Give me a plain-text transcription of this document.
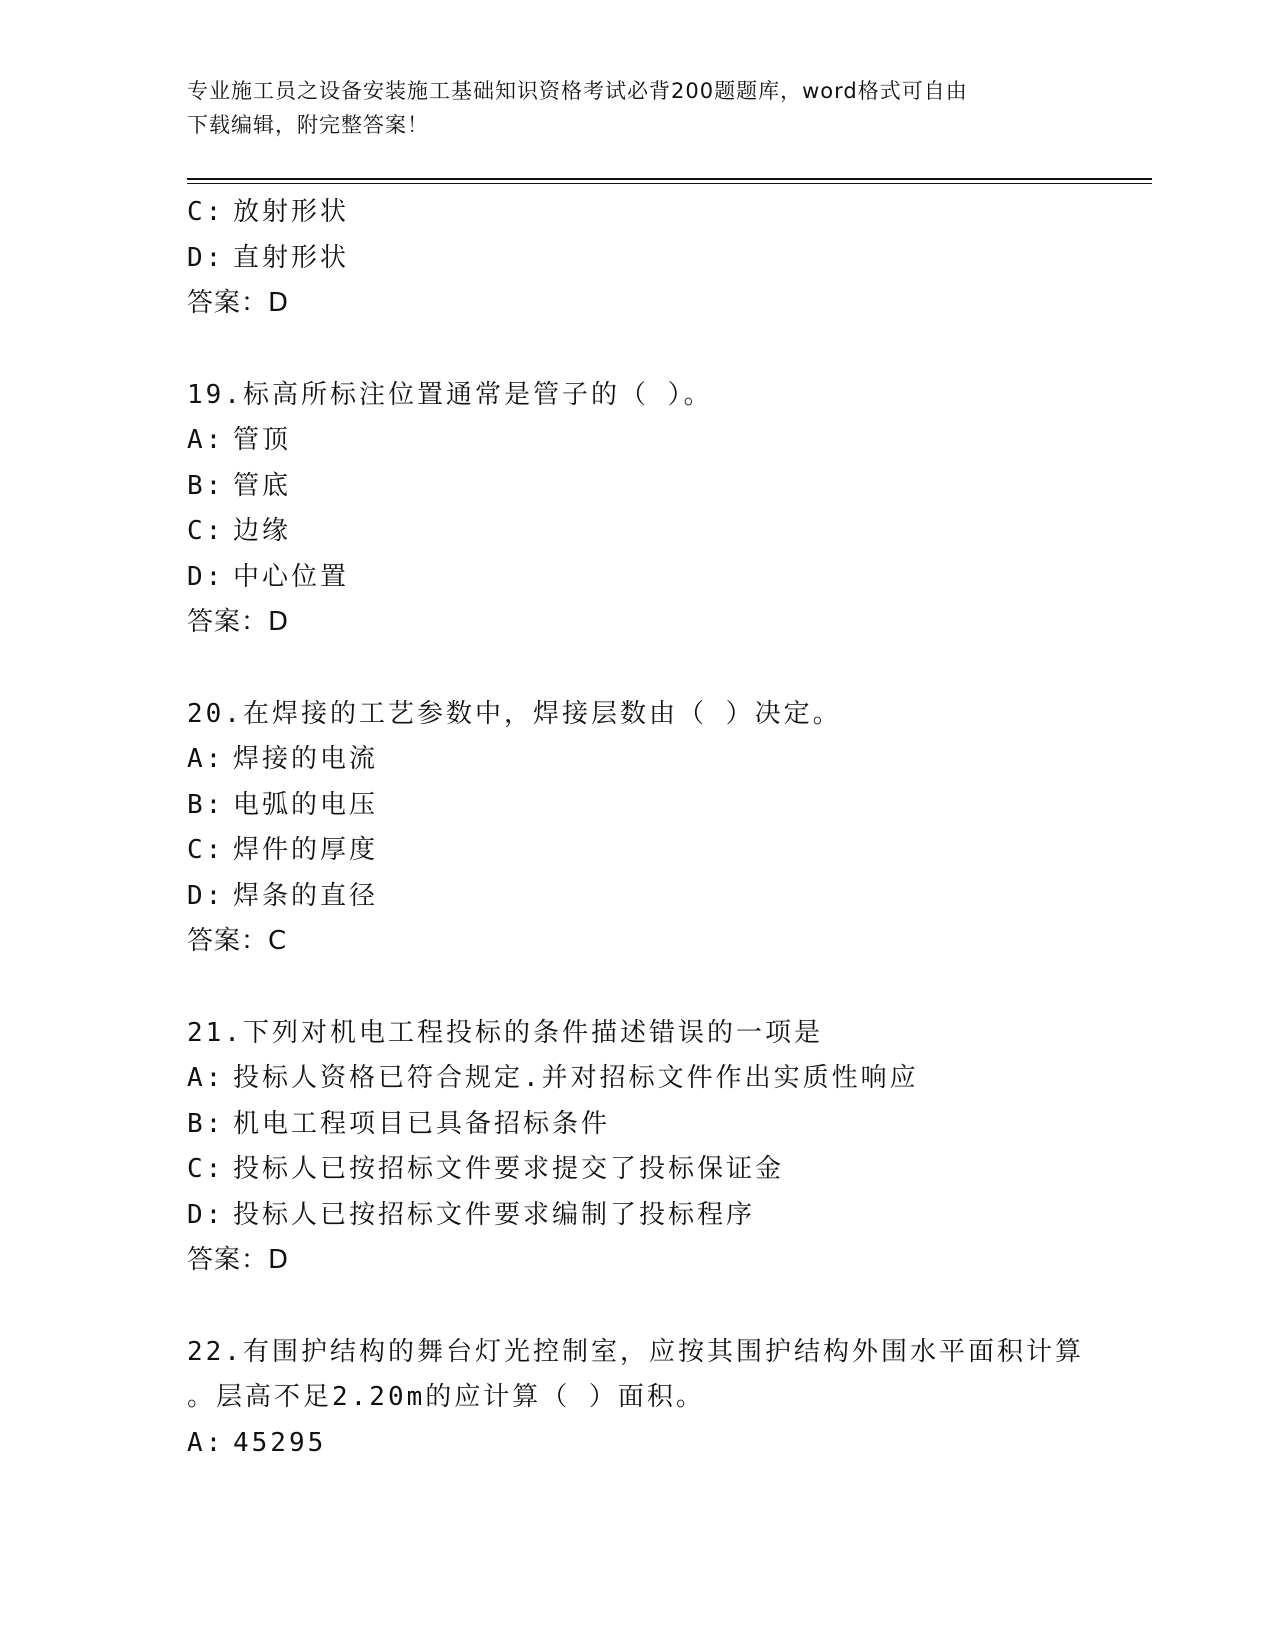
专业施工员之设备安装施工基础知识资格考试必背200题题库，word格式可自由
下载编辑，附完整答案！
C: 放射形状
D: 直射形状
答案：D
19.标高所标注位置通常是管子的（ ）。
A: 管顶
B: 管底
C: 边缘
D: 中心位置
答案：D
20.在焊接的工艺参数中，焊接层数由（ ）决定。
A: 焊接的电流
B: 电弧的电压
C: 焊件的厚度
D: 焊条的直径
答案：C
21.下列对机电工程投标的条件描述错误的一项是
A: 投标人资格已符合规定.并对招标文件作出实质性响应
B: 机电工程项目已具备招标条件
C: 投标人已按招标文件要求提交了投标保证金
D: 投标人已按招标文件要求编制了投标程序
答案：D
22.有围护结构的舞台灯光控制室，应按其围护结构外围水平面积计算
。层高不足2.20m的应计算（ ）面积。
A: 45295
